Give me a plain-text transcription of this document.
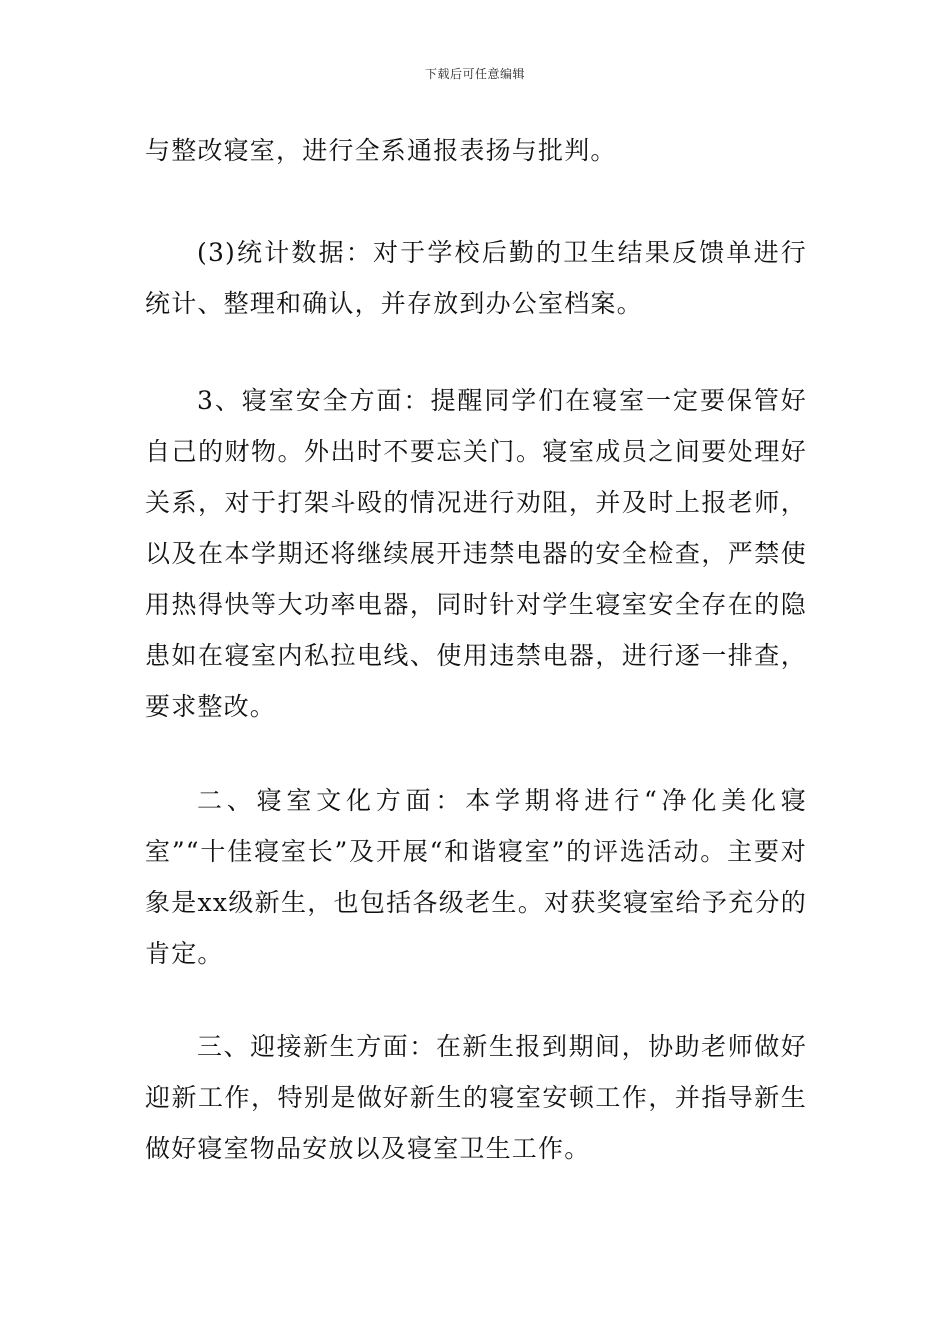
下载后可任意编辑

与整改寝室，进行全系通报表扬与批判。

(3)统计数据：对于学校后勤的卫生结果反馈单进行统计、整理和确认，并存放到办公室档案。

3、寝室安全方面：提醒同学们在寝室一定要保管好自己的财物。外出时不要忘关门。寝室成员之间要处理好关系，对于打架斗殴的情况进行劝阻，并及时上报老师，以及在本学期还将继续展开违禁电器的安全检查，严禁使用热得快等大功率电器，同时针对学生寝室安全存在的隐患如在寝室内私拉电线、使用违禁电器，进行逐一排查，要求整改。

二、寝室文化方面：本学期将进行“净化美化寝室”“十佳寝室长”及开展“和谐寝室”的评选活动。主要对象是xx级新生，也包括各级老生。对获奖寝室给予充分的肯定。

三、迎接新生方面：在新生报到期间，协助老师做好迎新工作，特别是做好新生的寝室安顿工作，并指导新生做好寝室物品安放以及寝室卫生工作。
